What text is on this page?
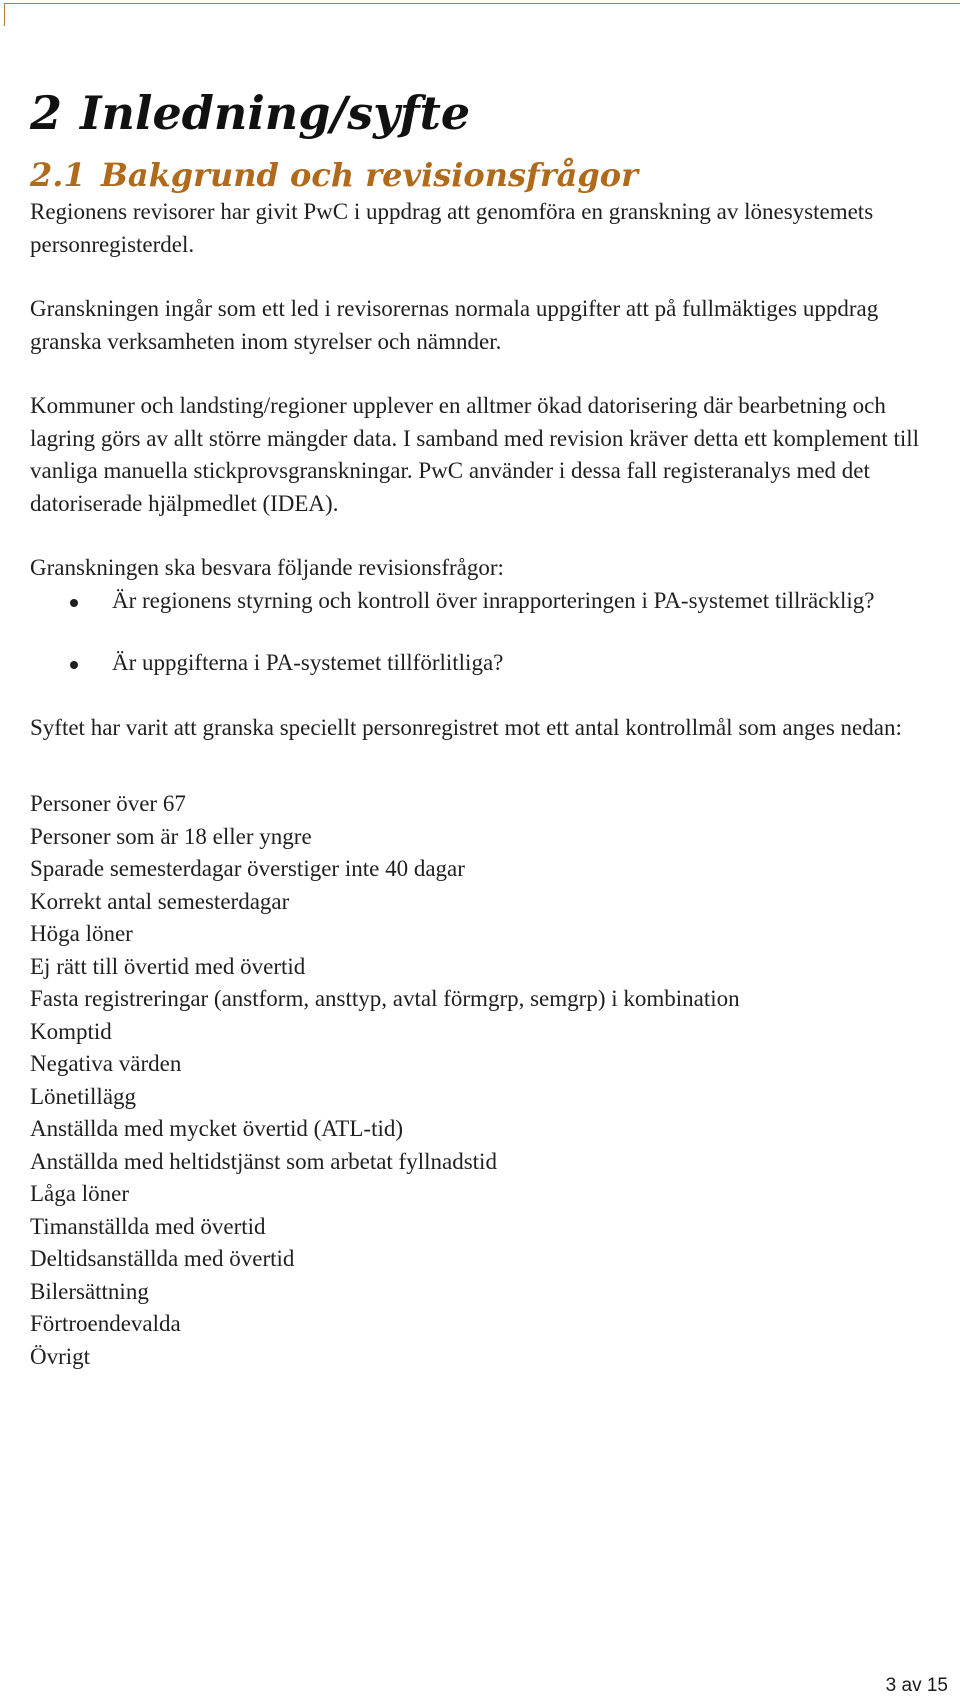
2 Inledning/syfte
2.1 Bakgrund och revisionsfrågor

Regionens revisorer har givit PwC i uppdrag att genomföra en granskning av lönesystemets personregisterdel.

Granskningen ingår som ett led i revisorernas normala uppgifter att på fullmäktiges uppdrag granska verksamheten inom styrelser och nämnder.

Kommuner och landsting/regioner upplever en alltmer ökad datorisering där bearbetning och lagring görs av allt större mängder data. I samband med revision kräver detta ett komplement till vanliga manuella stickprovsgranskningar. PwC använder i dessa fall registeranalys med det datoriserade hjälpmedlet (IDEA).

Granskningen ska besvara följande revisionsfrågor:

Är regionens styrning och kontroll över inrapporteringen i PA-systemet tillräcklig?
Är uppgifterna i PA-systemet tillförlitliga?

Syftet har varit att granska speciellt personregistret mot ett antal kontrollmål som anges nedan:

Personer över 67
Personer som är 18 eller yngre
Sparade semesterdagar överstiger inte 40 dagar
Korrekt antal semesterdagar
Höga löner
Ej rätt till övertid med övertid
Fasta registreringar (anstform, ansttyp, avtal förmgrp, semgrp) i kombination
Komptid
Negativa värden
Lönetillägg
Anställda med mycket övertid (ATL-tid)
Anställda med heltidstjänst som arbetat fyllnadstid
Låga löner
Timanställda med övertid
Deltidsanställda med övertid
Bilersättning
Förtroendevalda
Övrigt
3 av 15
